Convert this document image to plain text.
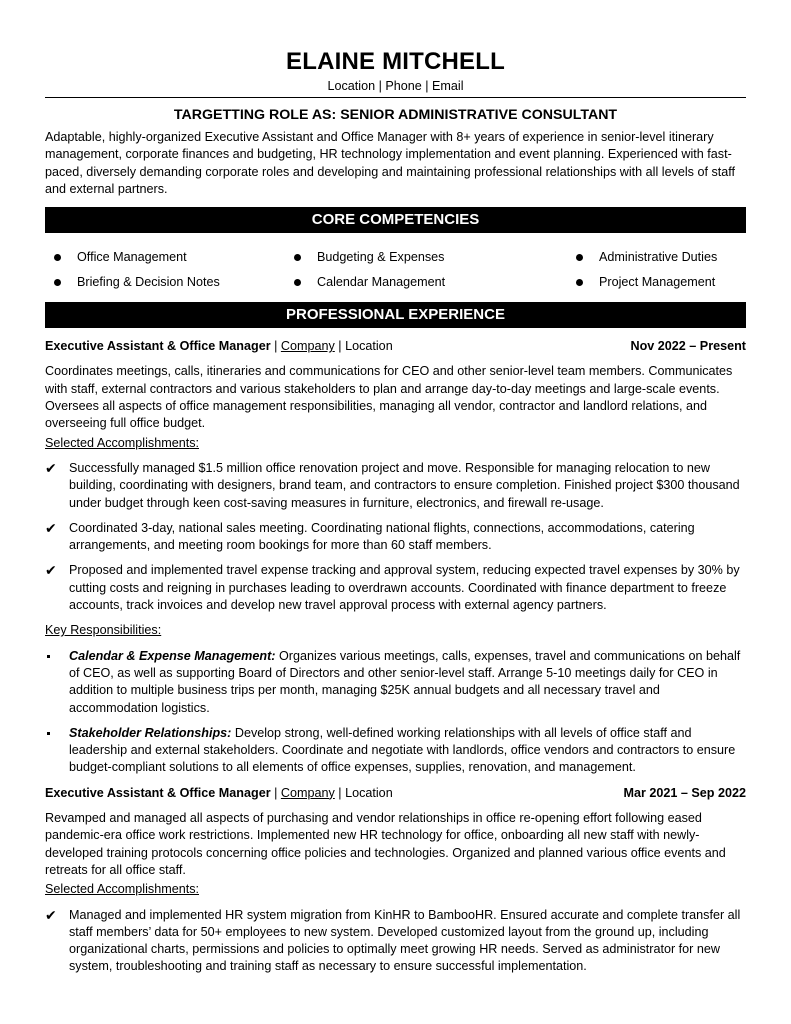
ELAINE MITCHELL
Location | Phone | Email
TARGETTING ROLE AS: SENIOR ADMINISTRATIVE CONSULTANT
Adaptable, highly-organized Executive Assistant and Office Manager with 8+ years of experience in senior-level itinerary management, corporate finances and budgeting, HR technology implementation and event planning. Experienced with fast-paced, diversely demanding corporate roles and developing and maintaining professional relationships with all levels of staff and external partners.
CORE COMPETENCIES
Office Management	Budgeting & Expenses	Administrative Duties
Briefing & Decision Notes	Calendar Management	Project Management
PROFESSIONAL EXPERIENCE
Executive Assistant & Office Manager | Company | Location	Nov 2022 – Present
Coordinates meetings, calls, itineraries and communications for CEO and other senior-level team members. Communicates with staff, external contractors and various stakeholders to plan and arrange day-to-day meetings and large-scale events. Oversees all aspects of office management responsibilities, managing all vendor, contractor and landlord relations, and overseeing full office budget.
Selected Accomplishments:
✔ Successfully managed $1.5 million office renovation project and move. Responsible for managing relocation to new building, coordinating with designers, brand team, and contractors to ensure completion. Finished project $300 thousand under budget through keen cost-saving measures in furniture, electronics, and firewall re-usage.
✔ Coordinated 3-day, national sales meeting. Coordinating national flights, connections, accommodations, catering arrangements, and meeting room bookings for more than 60 staff members.
✔ Proposed and implemented travel expense tracking and approval system, reducing expected travel expenses by 30% by cutting costs and reigning in purchases leading to overdrawn accounts. Coordinated with finance department to freeze accounts, track invoices and develop new travel approval process with external agency partners.
Key Responsibilities:
Calendar & Expense Management: Organizes various meetings, calls, expenses, travel and communications on behalf of CEO, as well as supporting Board of Directors and other senior-level staff. Arrange 5-10 meetings daily for CEO in addition to multiple business trips per month, managing $25K annual budgets and all necessary travel and accommodation logistics.
Stakeholder Relationships: Develop strong, well-defined working relationships with all levels of office staff and leadership and external stakeholders. Coordinate and negotiate with landlords, office vendors and contractors to ensure budget-compliant solutions to all elements of office expenses, supplies, renovation, and management.
Executive Assistant & Office Manager | Company | Location	Mar 2021 – Sep 2022
Revamped and managed all aspects of purchasing and vendor relationships in office re-opening effort following eased pandemic-era office work restrictions. Implemented new HR technology for office, onboarding all new staff with newly-developed training protocols concerning office policies and technologies. Organized and planned various office events and retreats for all office staff.
Selected Accomplishments:
✔ Managed and implemented HR system migration from KinHR to BambooHR. Ensured accurate and complete transfer all staff members’ data for 50+ employees to new system. Developed customized layout from the ground up, including organizational charts, permissions and policies to optimally meet growing HR needs. Served as administrator for new system, troubleshooting and training staff as necessary to ensure successful implementation.
